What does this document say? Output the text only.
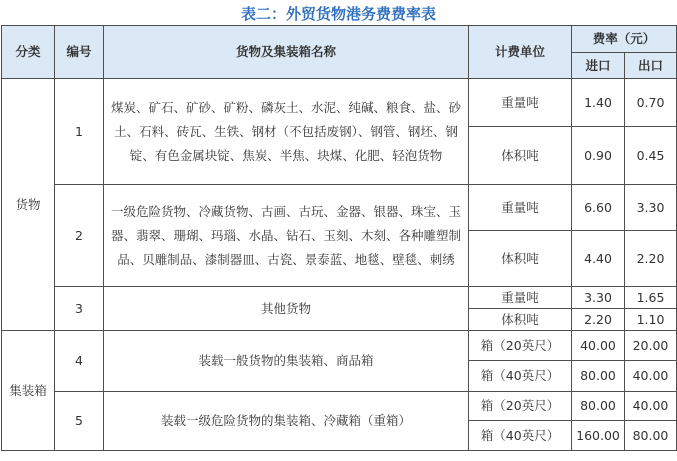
表二：外贸货物港务费费率表
分类	编号	货物及集装箱名称	计费单位	费率（元）	
				进口	出口
货物	1	煤炭、矿石、矿砂、矿粉、磷灰土、水泥、纯碱、粮食、盐、砂土、石料、砖瓦、生铁、钢材（不包括废钢）、钢管、钢坯、钢锭、有色金属块锭、焦炭、半焦、块煤、化肥、轻泡货物	重量吨	1.40	0.70
			体积吨	0.90	0.45
	2	一级危险货物、冷藏货物、古画、古玩、金器、银器、珠宝、玉器、翡翠、珊瑚、玛瑙、水晶、钻石、玉刻、木刻、各种雕塑制品、贝雕制品、漆制器皿、古瓷、景泰蓝、地毯、壁毯、刺绣	重量吨	6.60	3.30
			体积吨	4.40	2.20
	3	其他货物	重量吨	3.30	1.65
			体积吨	2.20	1.10
集装箱	4	装载一般货物的集装箱、商品箱	箱（20英尺）	40.00	20.00
			箱（40英尺）	80.00	40.00
	5	装载一级危险货物的集装箱、冷藏箱（重箱）	箱（20英尺）	80.00	40.00
			箱（40英尺）	160.00	80.00
